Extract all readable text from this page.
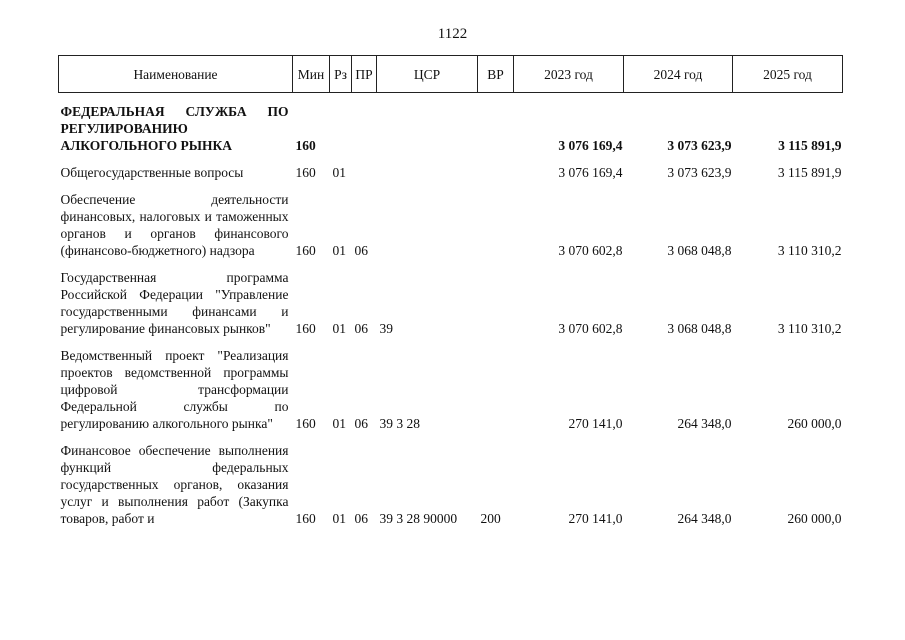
1122
Наименование	Мин	Рз	ПР	ЦСР	ВР	2023 год	2024 год	2025 год

ФЕДЕРАЛЬНАЯ СЛУЖБА ПО РЕГУЛИРОВАНИЮ АЛКОГОЛЬНОГО РЫНКА	160					3 076 169,4	3 073 623,9	3 115 891,9

Общегосударственные вопросы	160	01				3 076 169,4	3 073 623,9	3 115 891,9

Обеспечение деятельности финансовых, налоговых и таможенных органов и органов финансового (финансово-бюджетного) надзора	160	01	06			3 070 602,8	3 068 048,8	3 110 310,2

Государственная программа Российской Федерации "Управление государственными финансами и регулирование финансовых рынков"	160	01	06	39		3 070 602,8	3 068 048,8	3 110 310,2

Ведомственный проект "Реализация проектов ведомственной программы цифровой трансформации Федеральной службы по регулированию алкогольного рынка"	160	01	06	39 3 28		270 141,0	264 348,0	260 000,0

Финансовое обеспечение выполнения функций федеральных государственных органов, оказания услуг и выполнения работ (Закупка товаров, работ и	160	01	06	39 3 28 90000	200	270 141,0	264 348,0	260 000,0
